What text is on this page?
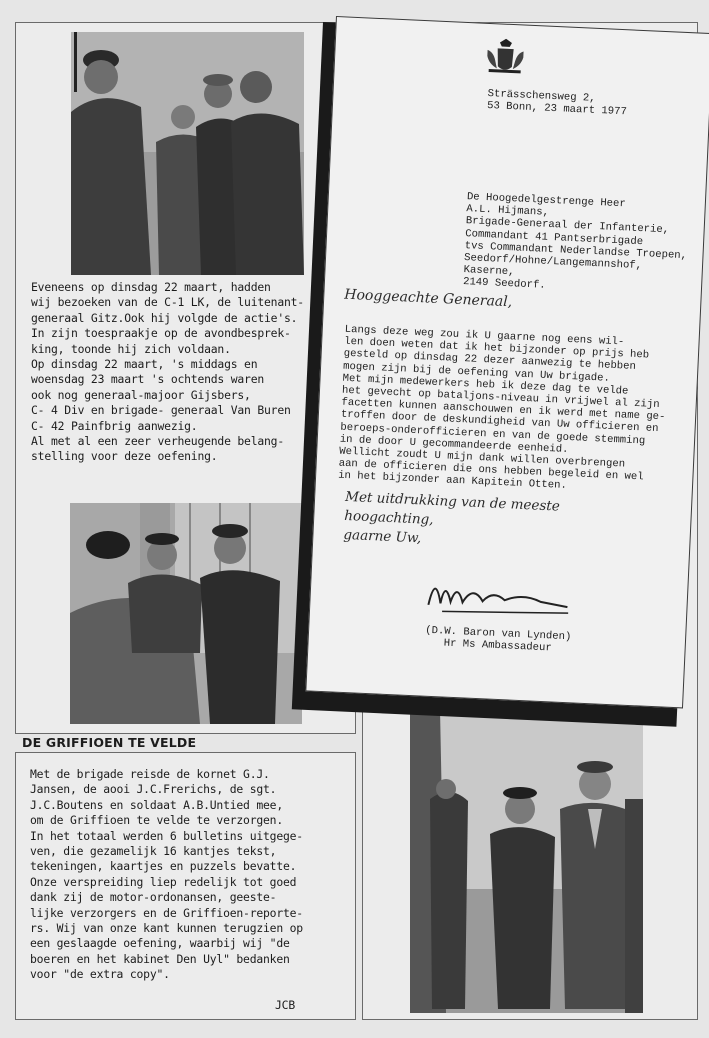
Eveneens op dinsdag 22 maart, hadden
wij bezoeken van de C-1 LK, de luitenant-
generaal Gitz.Ook hij volgde de actie's.
In zijn toespraakje op de avondbesprek-
king, toonde hij zich voldaan.
Op dinsdag 22 maart, 's middags en
woensdag 23 maart 's ochtends waren
ook nog generaal-majoor Gijsbers,
C- 4 Div en brigade- generaal Van Buren
C- 42 Painfbrig aanwezig.
Al met al een zeer verheugende belang-
stelling voor deze oefening.
DE GRIFFIOEN TE VELDE
Met de brigade reisde de kornet G.J.
Jansen, de aooi J.C.Frerichs, de sgt.
J.C.Boutens en soldaat A.B.Untied mee,
om de Griffioen te velde te verzorgen.
In het totaal werden 6 bulletins uitgege-
ven, die gezamelijk 16 kantjes tekst,
tekeningen, kaartjes en puzzels bevatte.
Onze verspreiding liep redelijk tot goed
dank zij de motor-ordonansen, geeste-
lijke verzorgers en de Griffioen-reporte-
rs. Wij van onze kant kunnen terugzien op
een geslaagde oefening, waarbij wij "de
boeren en het kabinet Den Uyl" bedanken
voor "de extra copy".
JCB
Strässchensweg 2,
53 Bonn, 23 maart 1977
De Hoogedelgestrenge Heer
A.L. Hijmans,
Brigade-Generaal der Infanterie,
Commandant 41 Pantserbrigade
tvs Commandant Nederlandse Troepen,
Seedorf/Hohne/Langemannshof,
Kaserne,
2149 Seedorf.
Hooggeachte Generaal,
Langs deze weg zou ik U gaarne nog eens wil-
len doen weten dat ik het bijzonder op prijs heb
gesteld op dinsdag 22 dezer aanwezig te hebben
mogen zijn bij de oefening van Uw brigade.
Met mijn medewerkers heb ik deze dag te velde
het gevecht op bataljons-niveau in vrijwel al zijn
facetten kunnen aanschouwen en ik werd met name ge-
troffen door de deskundigheid van Uw officieren en
beroeps-onderofficieren en van de goede stemming
in de door U gecommandeerde eenheid.
Wellicht zoudt U mijn dank willen overbrengen
aan de officieren die ons hebben begeleid en wel
in het bijzonder aan Kapitein Otten.
Met uitdrukking van de meeste
hoogachting,
gaarne Uw,
(D.W. Baron van Lynden)
Hr Ms Ambassadeur
